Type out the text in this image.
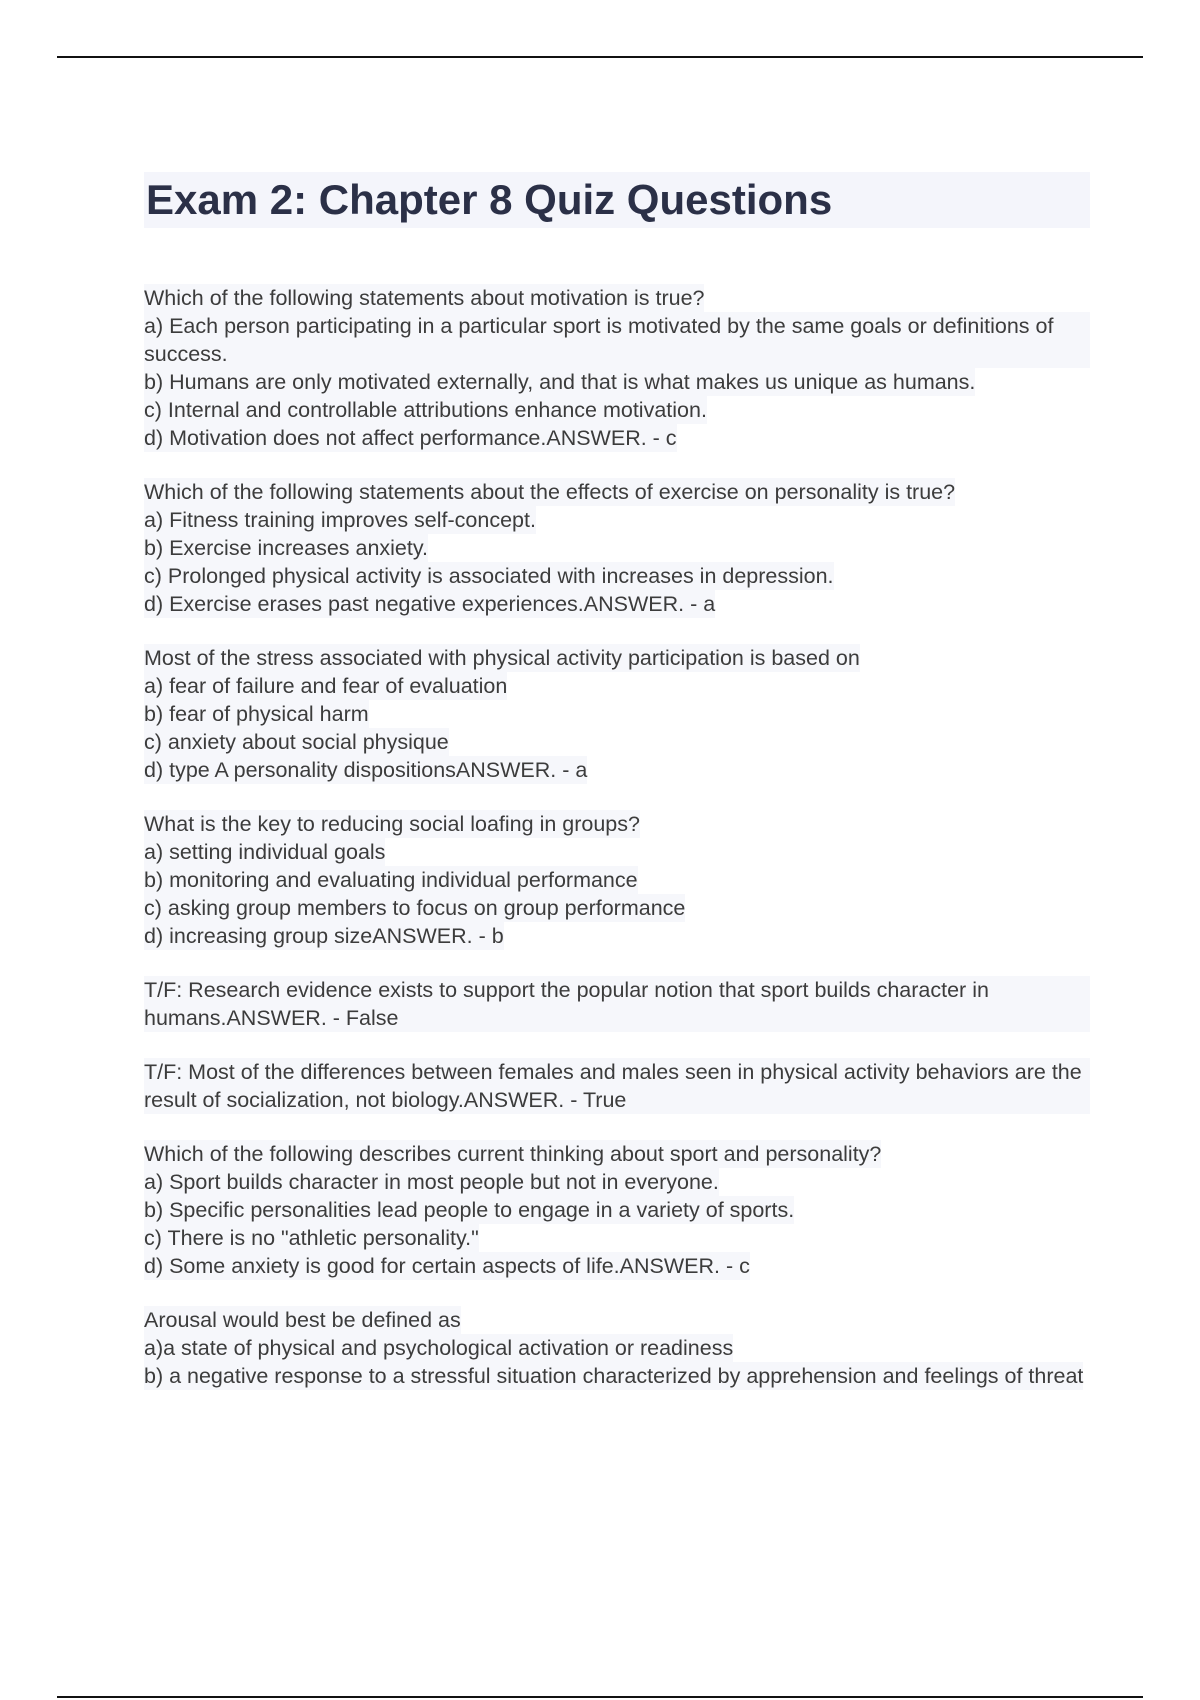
Exam 2: Chapter 8 Quiz Questions
Which of the following statements about motivation is true?
a) Each person participating in a particular sport is motivated by the same goals or definitions of success.
b) Humans are only motivated externally, and that is what makes us unique as humans.
c) Internal and controllable attributions enhance motivation.
d) Motivation does not affect performance.ANSWER. - c
Which of the following statements about the effects of exercise on personality is true?
a) Fitness training improves self-concept.
b) Exercise increases anxiety.
c) Prolonged physical activity is associated with increases in depression.
d) Exercise erases past negative experiences.ANSWER. - a
Most of the stress associated with physical activity participation is based on
a) fear of failure and fear of evaluation
b) fear of physical harm
c) anxiety about social physique
d) type A personality dispositionsANSWER. - a
What is the key to reducing social loafing in groups?
a) setting individual goals
b) monitoring and evaluating individual performance
c) asking group members to focus on group performance
d) increasing group sizeANSWER. - b
T/F: Research evidence exists to support the popular notion that sport builds character in humans.ANSWER. - False
T/F: Most of the differences between females and males seen in physical activity behaviors are the result of socialization, not biology.ANSWER. - True
Which of the following describes current thinking about sport and personality?
a) Sport builds character in most people but not in everyone.
b) Specific personalities lead people to engage in a variety of sports.
c) There is no "athletic personality."
d) Some anxiety is good for certain aspects of life.ANSWER. - c
Arousal would best be defined as
a)a state of physical and psychological activation or readiness
b) a negative response to a stressful situation characterized by apprehension and feelings of threat
